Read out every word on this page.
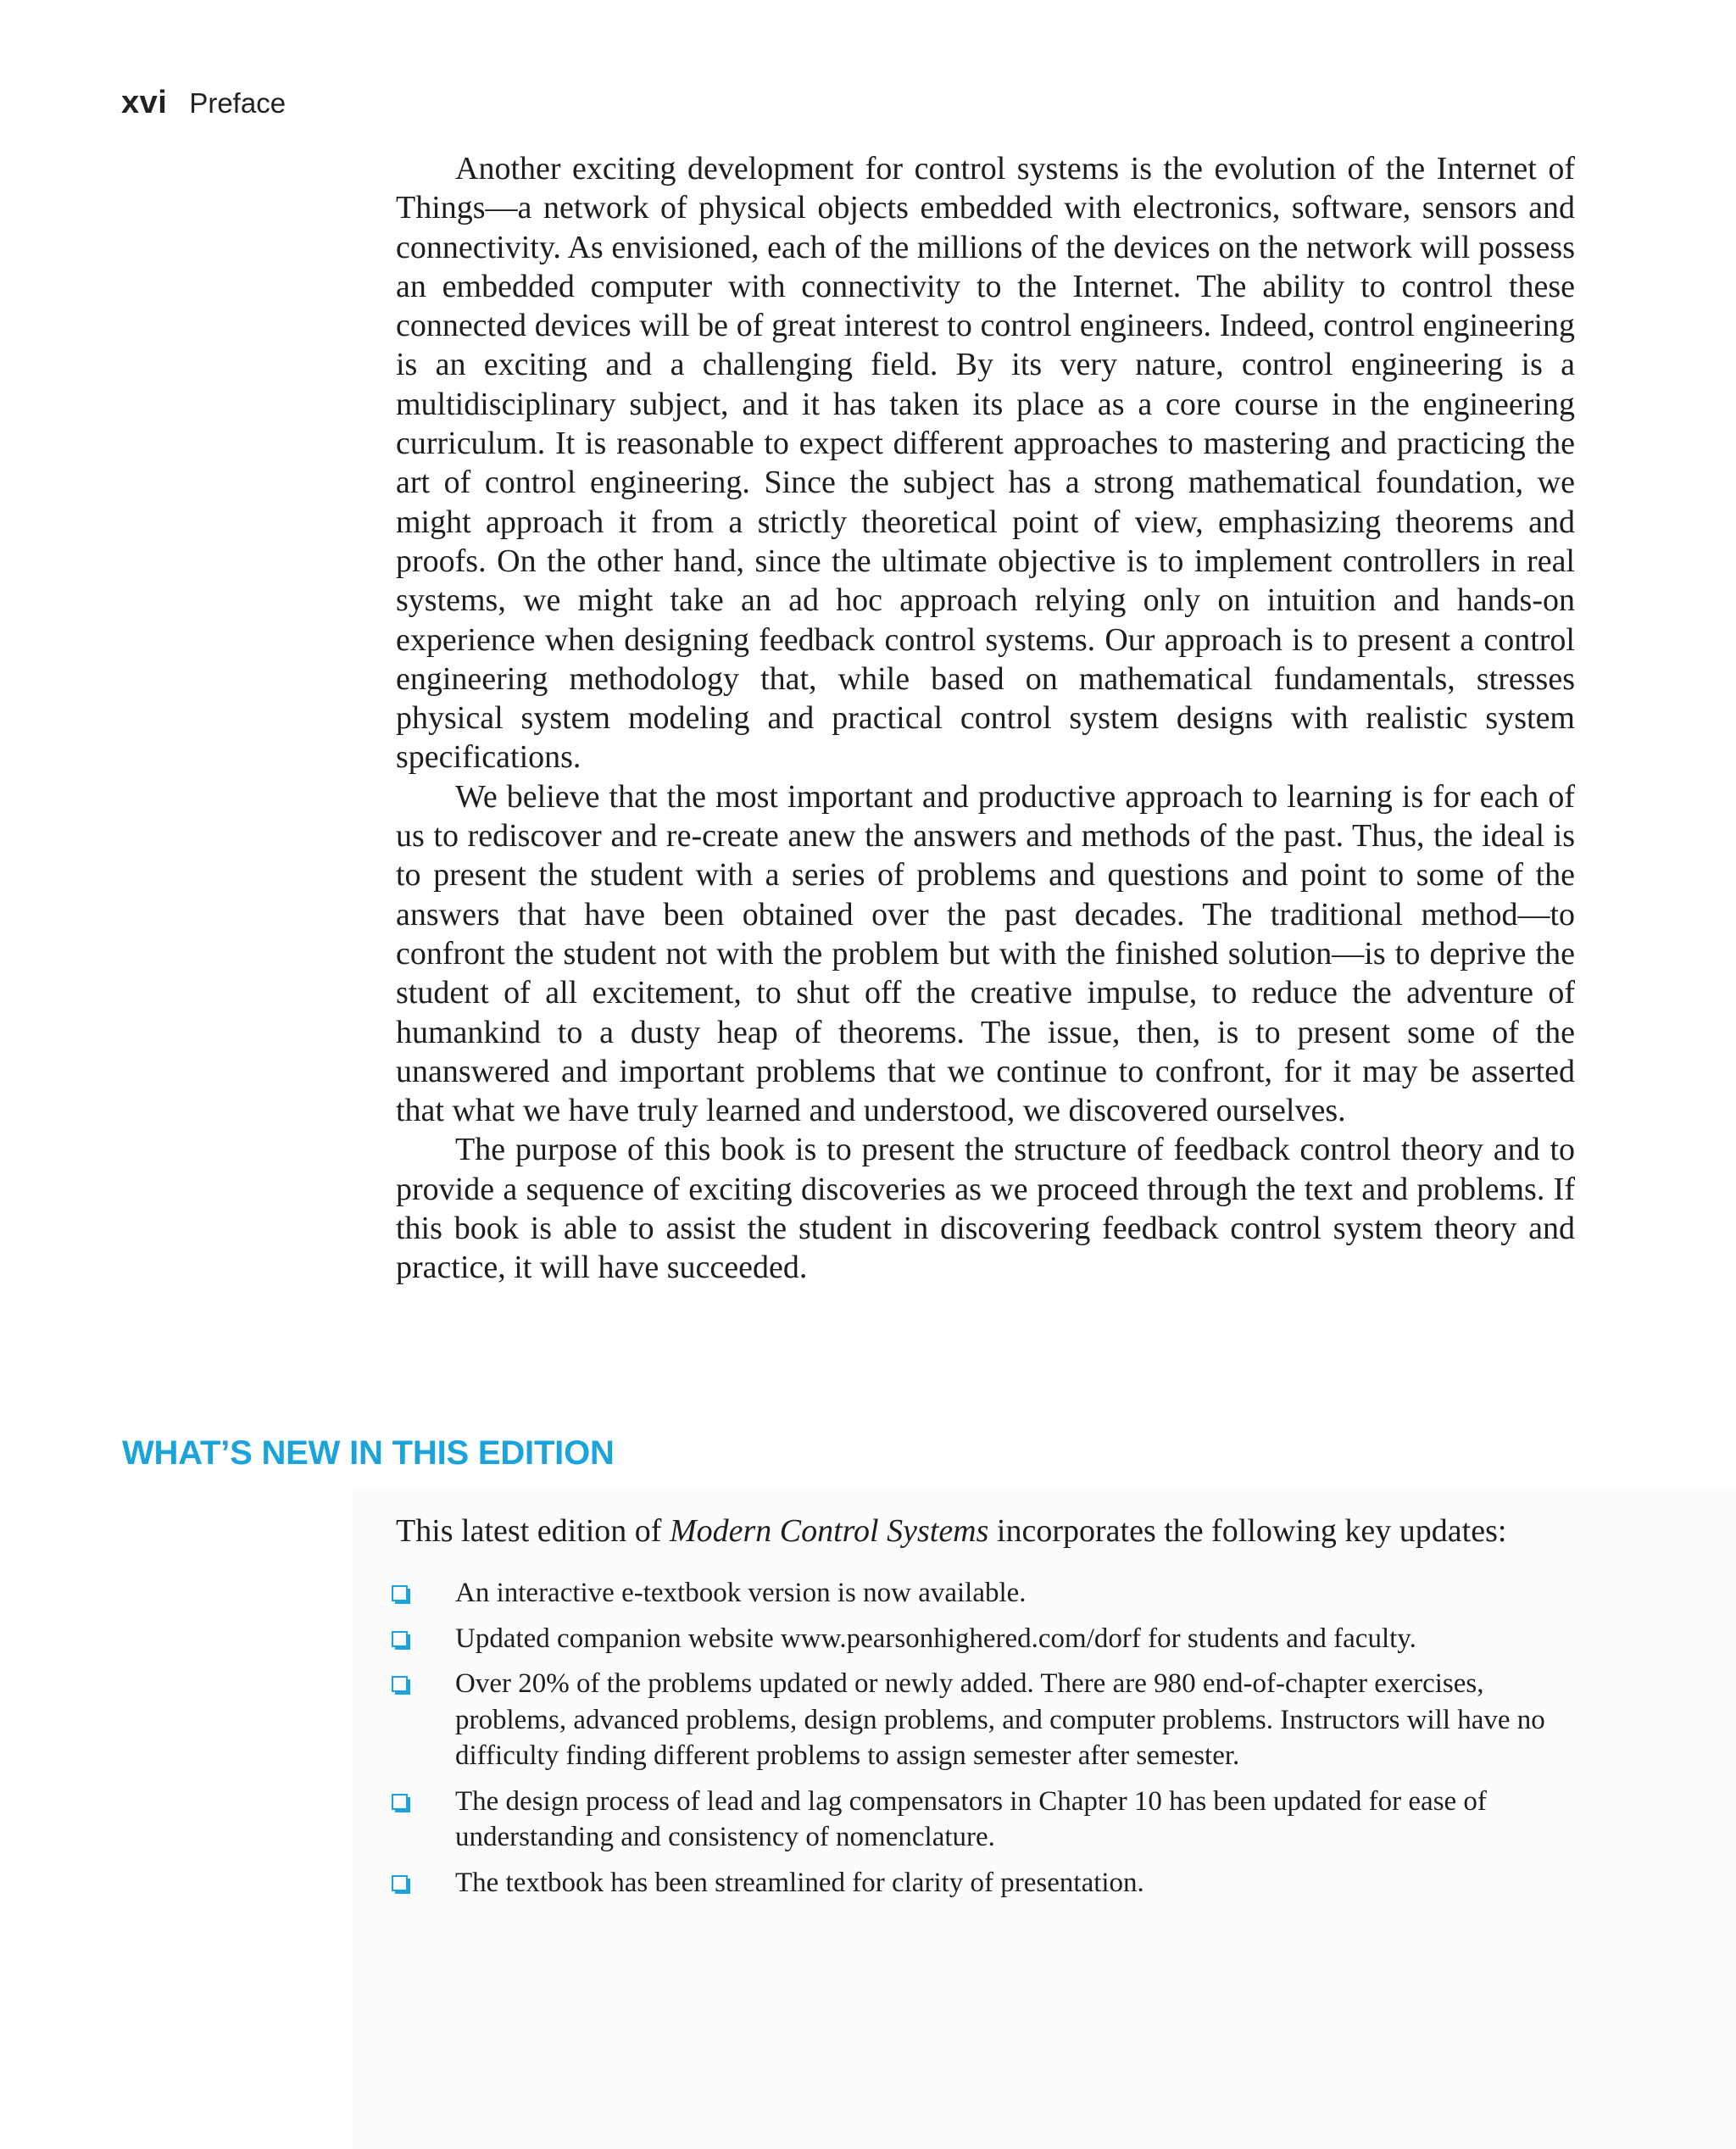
xvi Preface

Another exciting development for control systems is the evolution of the Internet of Things—a network of physical objects embedded with electronics, software, sensors and connectivity. As envisioned, each of the millions of the devices on the network will possess an embedded computer with connectivity to the Internet. The ability to control these connected devices will be of great interest to control engineers. Indeed, control engineering is an exciting and a challenging field. By its very nature, control engineering is a multidisciplinary subject, and it has taken its place as a core course in the engineering curriculum. It is reasonable to expect different approaches to mastering and practicing the art of control engineering. Since the subject has a strong mathematical foundation, we might approach it from a strictly theoretical point of view, emphasizing theorems and proofs. On the other hand, since the ultimate objective is to implement controllers in real systems, we might take an ad hoc approach relying only on intuition and hands-on experience when designing feedback control systems. Our approach is to present a control engineering methodology that, while based on mathematical fundamentals, stresses physical system modeling and practical control system designs with realistic system specifications.

We believe that the most important and productive approach to learning is for each of us to rediscover and re-create anew the answers and methods of the past. Thus, the ideal is to present the student with a series of problems and questions and point to some of the answers that have been obtained over the past decades. The traditional method—to confront the student not with the problem but with the finished solution—is to deprive the student of all excitement, to shut off the creative impulse, to reduce the adventure of humankind to a dusty heap of theorems. The issue, then, is to present some of the unanswered and important problems that we continue to confront, for it may be asserted that what we have truly learned and understood, we discovered ourselves.

The purpose of this book is to present the structure of feedback control theory and to provide a sequence of exciting discoveries as we proceed through the text and problems. If this book is able to assist the student in discovering feedback control system theory and practice, it will have succeeded.

WHAT’S NEW IN THIS EDITION

This latest edition of Modern Control Systems incorporates the following key updates:

An interactive e-textbook version is now available.
Updated companion website www.pearsonhighered.com/dorf for students and faculty.
Over 20% of the problems updated or newly added. There are 980 end-of-chapter exercises, problems, advanced problems, design problems, and computer problems. Instructors will have no difficulty finding different problems to assign semester after semester.
The design process of lead and lag compensators in Chapter 10 has been updated for ease of understanding and consistency of nomenclature.
The textbook has been streamlined for clarity of presentation.
